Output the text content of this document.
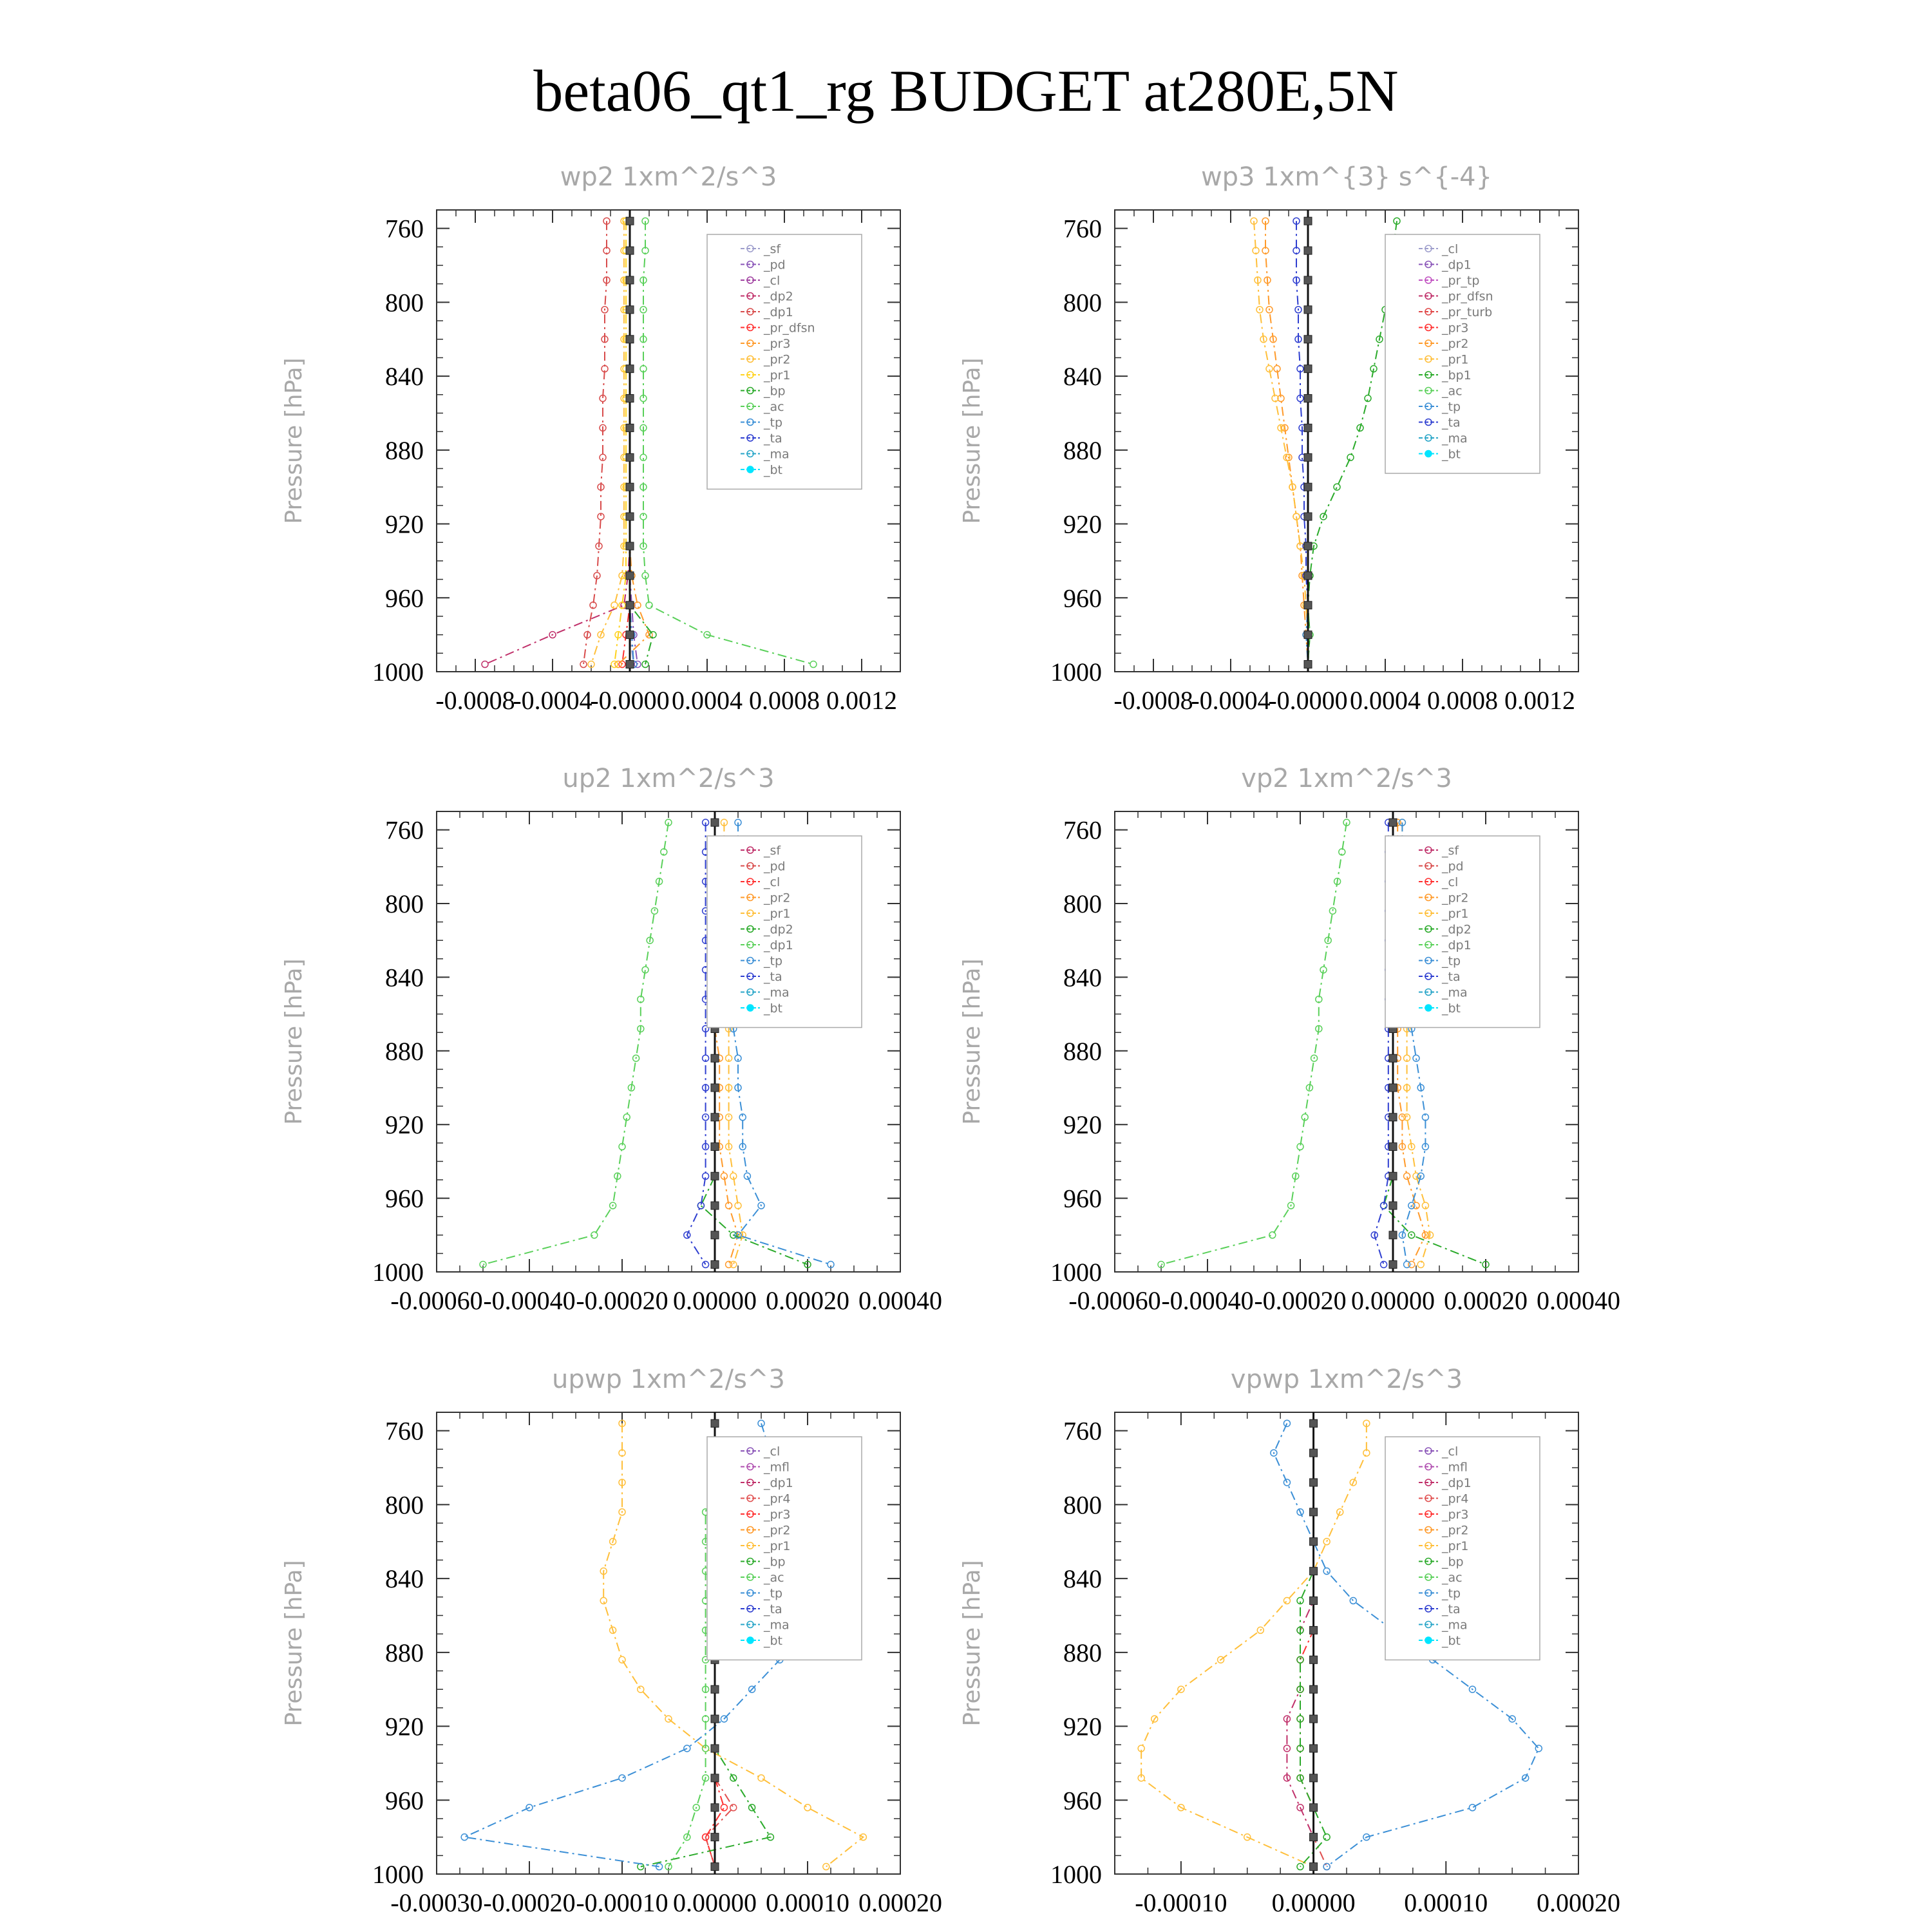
beta06_qt1_rg BUDGET at280E,5N
wp2 1xm^2/s^3
Pressure [hPa]
760
800
840
880
920
960
1000
-0.0008
-0.0004
-0.0000 0.0004 0.0008 0.0012
_sf
_pd
_cl
_dp2
_dp1
_pr_dfsn
_pr3
_pr2
_pr1
_bp
_ac
_tp
_ta
_ma
_bt
wp3 1xm^{3} s^{-4}
Pressure [hPa]
760
800
840
880
920
960
1000
-0.0008
-0.0004
-0.0000 0.0004 0.0008 0.0012
_cl
_dp1
_pr_tp
_pr_dfsn
_pr_turb
_pr3
_pr2
_pr1
_bp1
_ac
_tp
_ta
_ma
_bt
up2 1xm^2/s^3
Pressure [hPa]
760
800
840
880
920
960
1000
-0.00060 -0.00040 -0.00020 0.00000 0.00020 0.00040
_sf
_pd
_cl
_pr2
_pr1
_dp2
_dp1
_tp
_ta
_ma
_bt
vp2 1xm^2/s^3
Pressure [hPa]
760
800
840
880
920
960
1000
-0.00060 -0.00040 -0.00020 0.00000 0.00020 0.00040
_sf
_pd
_cl
_pr2
_pr1
_dp2
_dp1
_tp
_ta
_ma
_bt
upwp 1xm^2/s^3
Pressure [hPa]
760
800
840
880
920
960
1000
-0.00030 -0.00020 -0.00010 0.00000 0.00010 0.00020
_cl
_mfl
_dp1
_pr4
_pr3
_pr2
_pr1
_bp
_ac
_tp
_ta
_ma
_bt
vpwp 1xm^2/s^3
Pressure [hPa]
760
800
840
880
920
960
1000
-0.00010 0.00000 0.00010 0.00020
_cl
_mfl
_dp1
_pr4
_pr3
_pr2
_pr1
_bp
_ac
_tp
_ta
_ma
_bt
